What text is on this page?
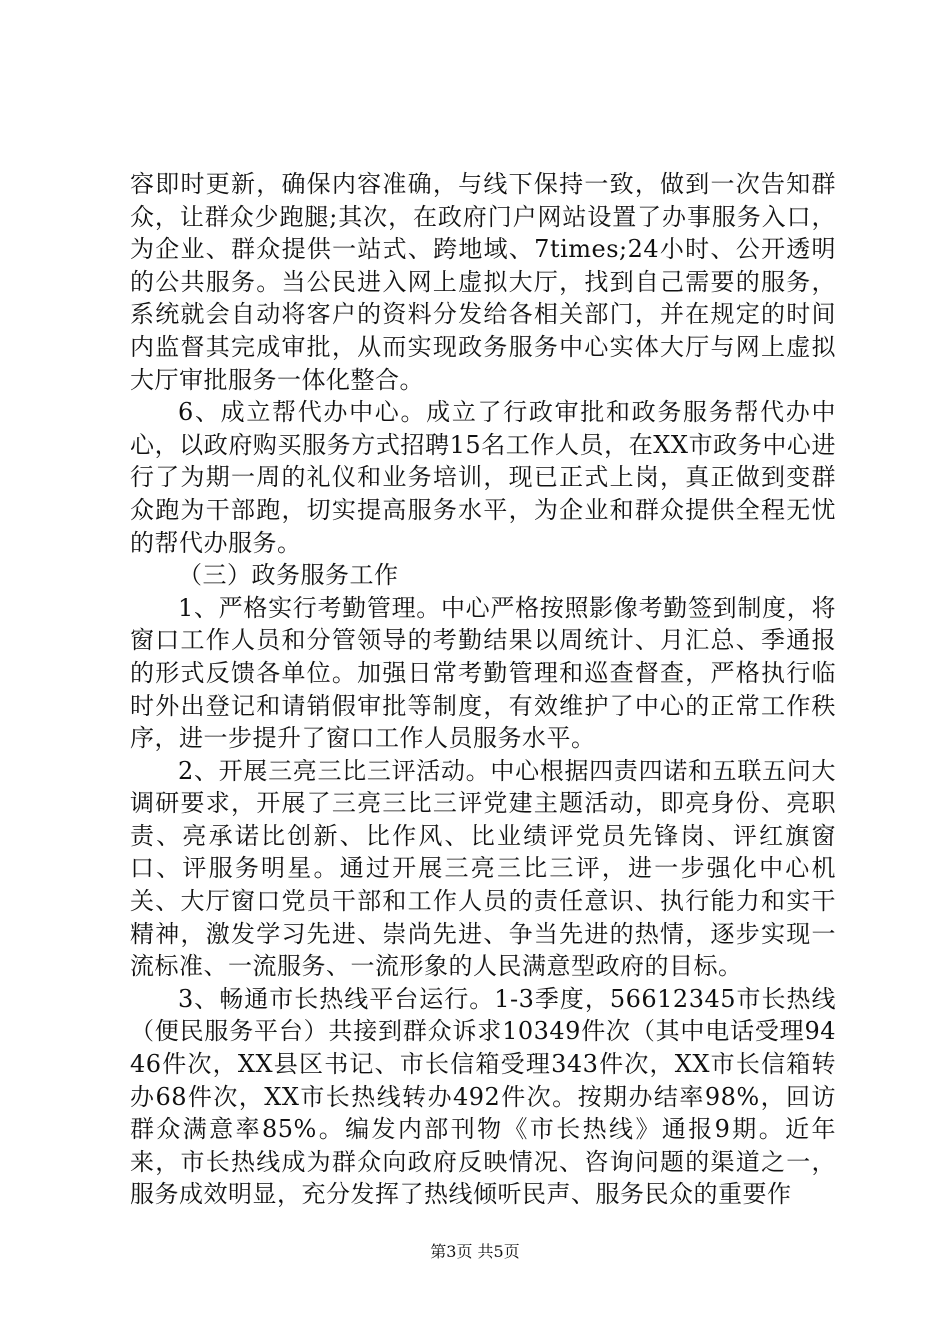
容即时更新，确保内容准确，与线下保持一致，做到一次告知群众，让群众少跑腿;其次，在政府门户网站设置了办事服务入口，为企业、群众提供一站式、跨地域、7times;24小时、公开透明的公共服务。当公民进入网上虚拟大厅，找到自己需要的服务，系统就会自动将客户的资料分发给各相关部门，并在规定的时间内监督其完成审批，从而实现政务服务中心实体大厅与网上虚拟大厅审批服务一体化整合。

6、成立帮代办中心。成立了行政审批和政务服务帮代办中心，以政府购买服务方式招聘15名工作人员，在XX市政务中心进行了为期一周的礼仪和业务培训，现已正式上岗，真正做到变群众跑为干部跑，切实提高服务水平，为企业和群众提供全程无忧的帮代办服务。

（三）政务服务工作

1、严格实行考勤管理。中心严格按照影像考勤签到制度，将窗口工作人员和分管领导的考勤结果以周统计、月汇总、季通报的形式反馈各单位。加强日常考勤管理和巡查督查，严格执行临时外出登记和请销假审批等制度，有效维护了中心的正常工作秩序，进一步提升了窗口工作人员服务水平。

2、开展三亮三比三评活动。中心根据四责四诺和五联五问大调研要求，开展了三亮三比三评党建主题活动，即亮身份、亮职责、亮承诺比创新、比作风、比业绩评党员先锋岗、评红旗窗口、评服务明星。通过开展三亮三比三评，进一步强化中心机关、大厅窗口党员干部和工作人员的责任意识、执行能力和实干精神，激发学习先进、崇尚先进、争当先进的热情，逐步实现一流标准、一流服务、一流形象的人民满意型政府的目标。

3、畅通市长热线平台运行。1-3季度，56612345市长热线（便民服务平台）共接到群众诉求10349件次（其中电话受理9446件次，XX县区书记、市长信箱受理343件次，XX市长信箱转办68件次，XX市长热线转办492件次。按期办结率98%，回访群众满意率85%。编发内部刊物《市长热线》通报9期。近年来，市长热线成为群众向政府反映情况、咨询问题的渠道之一，服务成效明显，充分发挥了热线倾听民声、服务民众的重要作

第3页 共5页
